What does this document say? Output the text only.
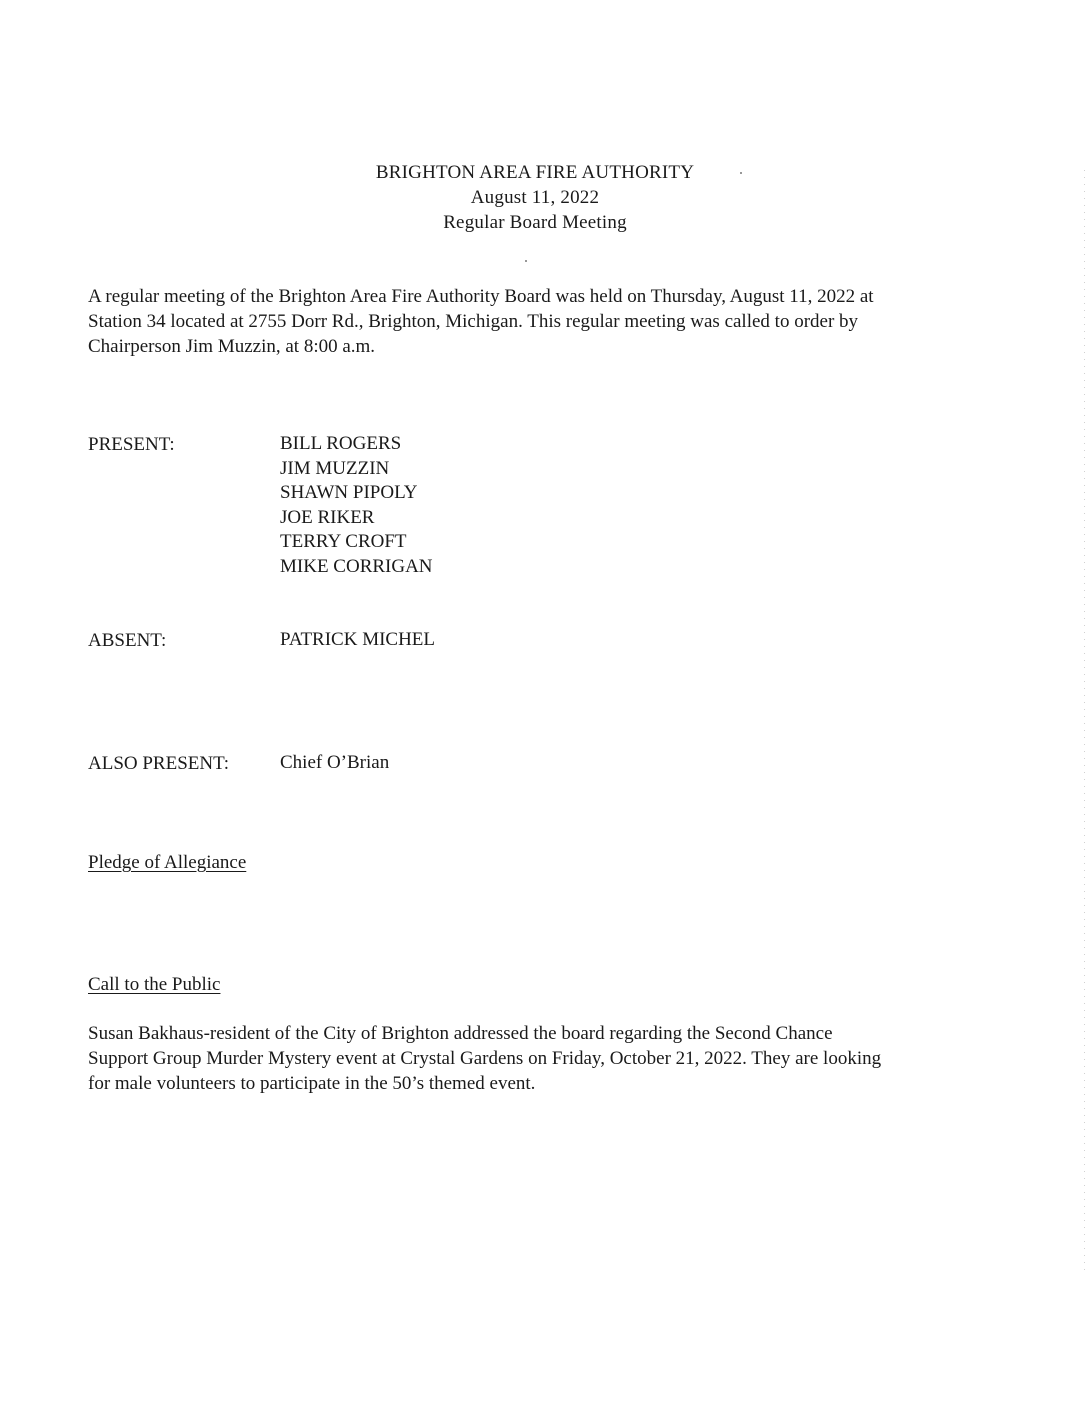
BRIGHTON AREA FIRE AUTHORITY
August 11, 2022
Regular Board Meeting
A regular meeting of the Brighton Area Fire Authority Board was held on Thursday, August 11, 2022 at
Station 34 located at 2755 Dorr Rd., Brighton, Michigan. This regular meeting was called to order by
Chairperson Jim Muzzin, at 8:00 a.m.
PRESENT:	BILL ROGERS
JIM MUZZIN
SHAWN PIPOLY
JOE RIKER
TERRY CROFT
MIKE CORRIGAN
ABSENT:	PATRICK MICHEL
ALSO PRESENT:	Chief O’Brian
Pledge of Allegiance
Call to the Public
Susan Bakhaus-resident of the City of Brighton addressed the board regarding the Second Chance
Support Group Murder Mystery event at Crystal Gardens on Friday, October 21, 2022. They are looking
for male volunteers to participate in the 50’s themed event.
